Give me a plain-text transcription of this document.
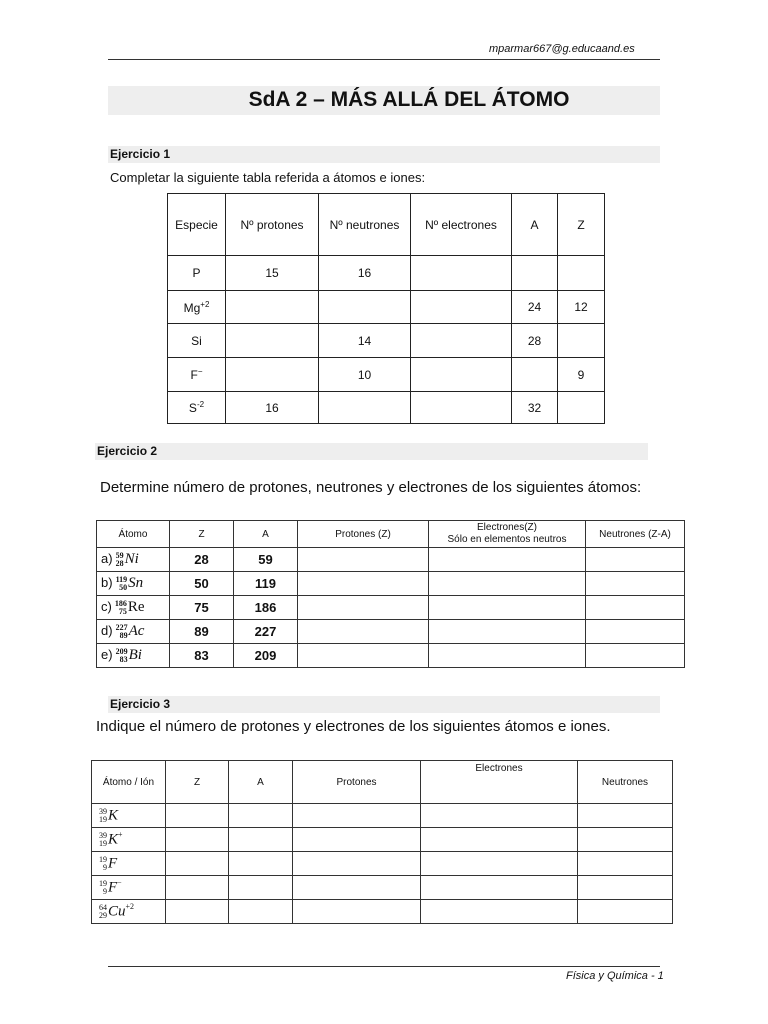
mparmar667@g.educaand.es
SdA 2 – MÁS ALLÁ DEL ÁTOMO
Ejercicio 1
Completar la siguiente tabla referida a átomos e iones:
Especie	Nº protones	Nº neutrones	Nº electrones	A	Z
P	15	16			
$Mg^{+2}$				24	12
Si		14		28	
F−		10			9
$S^{-2}$	16			32	
Ejercicio 2
Determine número de protones, neutrones y electrones de los siguientes átomos:
Átomo	Z	A	Protones (Z)	Electrones(Z)
Sólo en elementos neutros	Neutrones (Z-A)
a) 59
28 Ni	28	59			
b) 119
50 Sn	50	119			
c) 186
75 Re	75	186			
d) 227
89 Ac	89	227			
e) 209
83 Bi	83	209			
Ejercicio 3
Indique el número de protones y electrones de los siguientes átomos e iones.
Átomo / Ión	Z	A	Protones	Electrones	Neutrones

39
19 K					

39
19 K+					

19
9 F					

19
9 F−					

64
29 $Cu^{+2}$					
Física y Química - 1
